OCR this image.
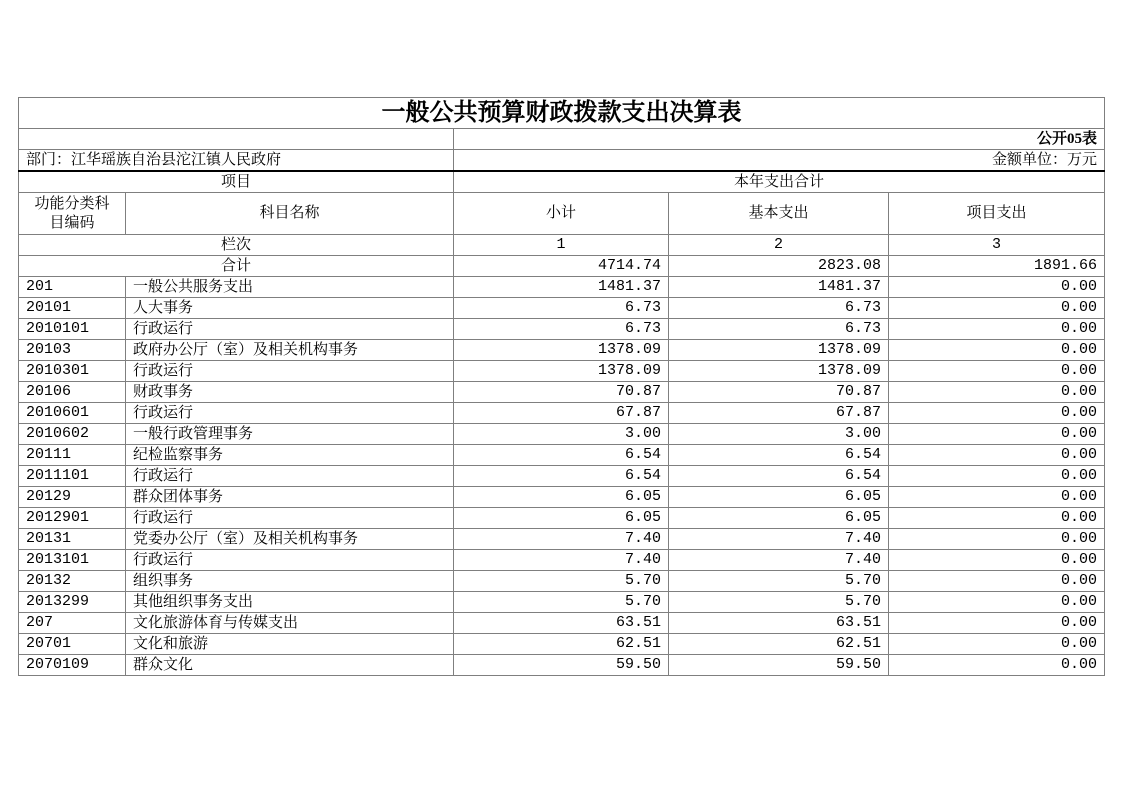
一般公共预算财政拨款支出决算表				
		公开05表		
部门：江华瑶族自治县沱江镇人民政府		金额单位：万元		
项目		本年支出合计		

功能分类科
目编码	科目名称	小计	基本支出	项目支出
栏次		1	2	3
合计		4714.74	2823.08	1891.66
201	一般公共服务支出	1481.37	1481.37	0.00
20101	人大事务	6.73	6.73	0.00
2010101	行政运行	6.73	6.73	0.00
20103	政府办公厅（室）及相关机构事务	1378.09	1378.09	0.00
2010301	行政运行	1378.09	1378.09	0.00
20106	财政事务	70.87	70.87	0.00
2010601	行政运行	67.87	67.87	0.00
2010602	一般行政管理事务	3.00	3.00	0.00
20111	纪检监察事务	6.54	6.54	0.00
2011101	行政运行	6.54	6.54	0.00
20129	群众团体事务	6.05	6.05	0.00
2012901	行政运行	6.05	6.05	0.00
20131	党委办公厅（室）及相关机构事务	7.40	7.40	0.00
2013101	行政运行	7.40	7.40	0.00
20132	组织事务	5.70	5.70	0.00
2013299	其他组织事务支出	5.70	5.70	0.00
207	文化旅游体育与传媒支出	63.51	63.51	0.00
20701	文化和旅游	62.51	62.51	0.00
2070109	群众文化	59.50	59.50	0.00
